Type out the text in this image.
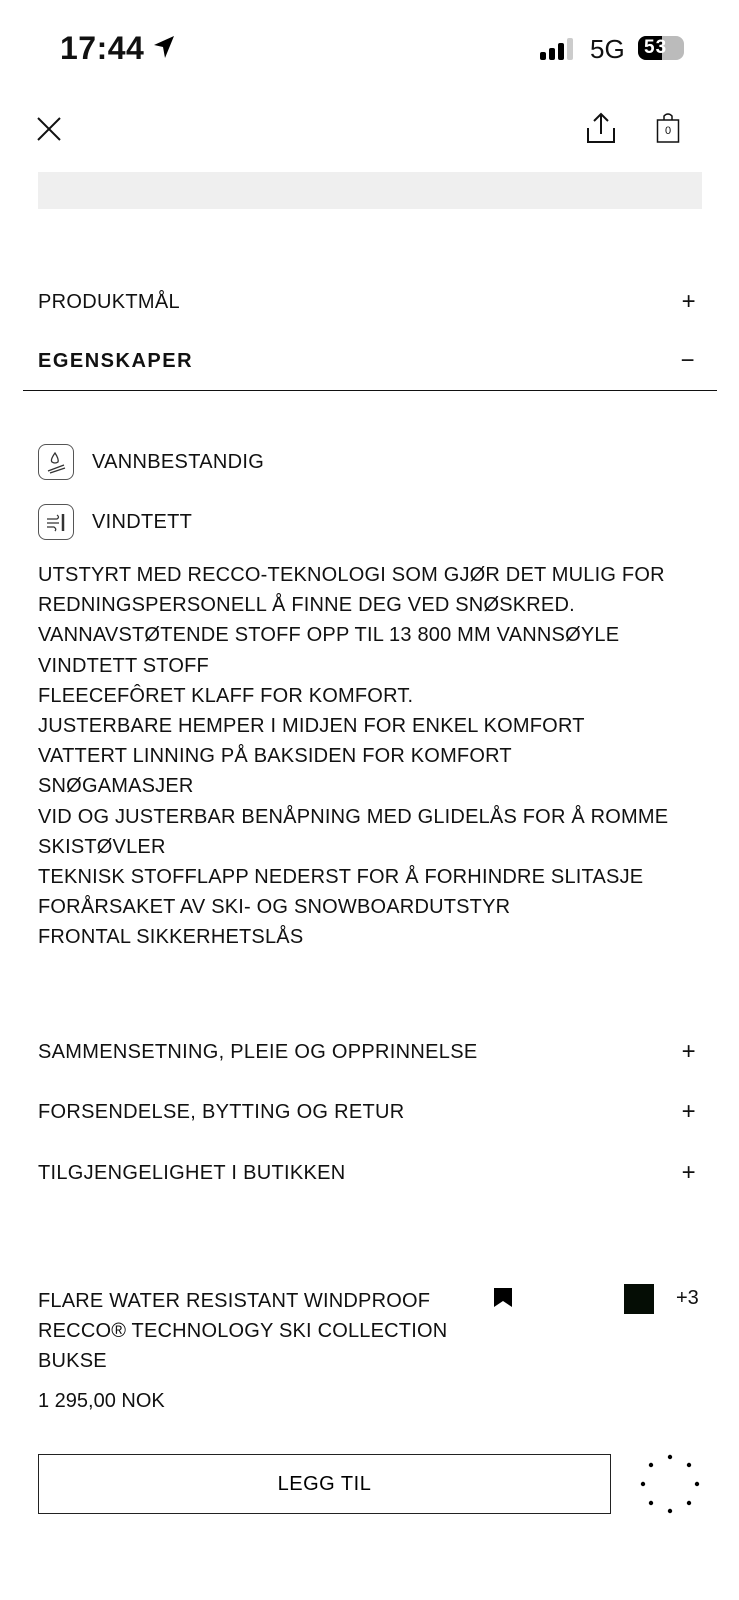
17:44	5G 53
0
PRODUKTMÅL	+
EGENSKAPER	−
VANNBESTANDIG
VINDTETT
UTSTYRT MED RECCO-TEKNOLOGI SOM GJØR DET MULIG FOR REDNINGSPERSONELL Å FINNE DEG VED SNØSKRED.
VANNAVSTØTENDE STOFF OPP TIL 13 800 MM VANNSØYLE
VINDTETT STOFF
FLEECEFÔRET KLAFF FOR KOMFORT.
JUSTERBARE HEMPER I MIDJEN FOR ENKEL KOMFORT
VATTERT LINNING PÅ BAKSIDEN FOR KOMFORT
SNØGAMASJER
VID OG JUSTERBAR BENÅPNING MED GLIDELÅS FOR Å ROMME SKISTØVLER
TEKNISK STOFFLAPP NEDERST FOR Å FORHINDRE SLITASJE FORÅRSAKET AV SKI- OG SNOWBOARDUTSTYR
FRONTAL SIKKERHETSLÅS
SAMMENSETNING, PLEIE OG OPPRINNELSE	+
FORSENDELSE, BYTTING OG RETUR	+
TILGJENGELIGHET I BUTIKKEN	+
FLARE WATER RESISTANT WINDPROOF RECCO® TECHNOLOGY SKI COLLECTION BUKSE
+3
1 295,00 NOK
LEGG TIL
